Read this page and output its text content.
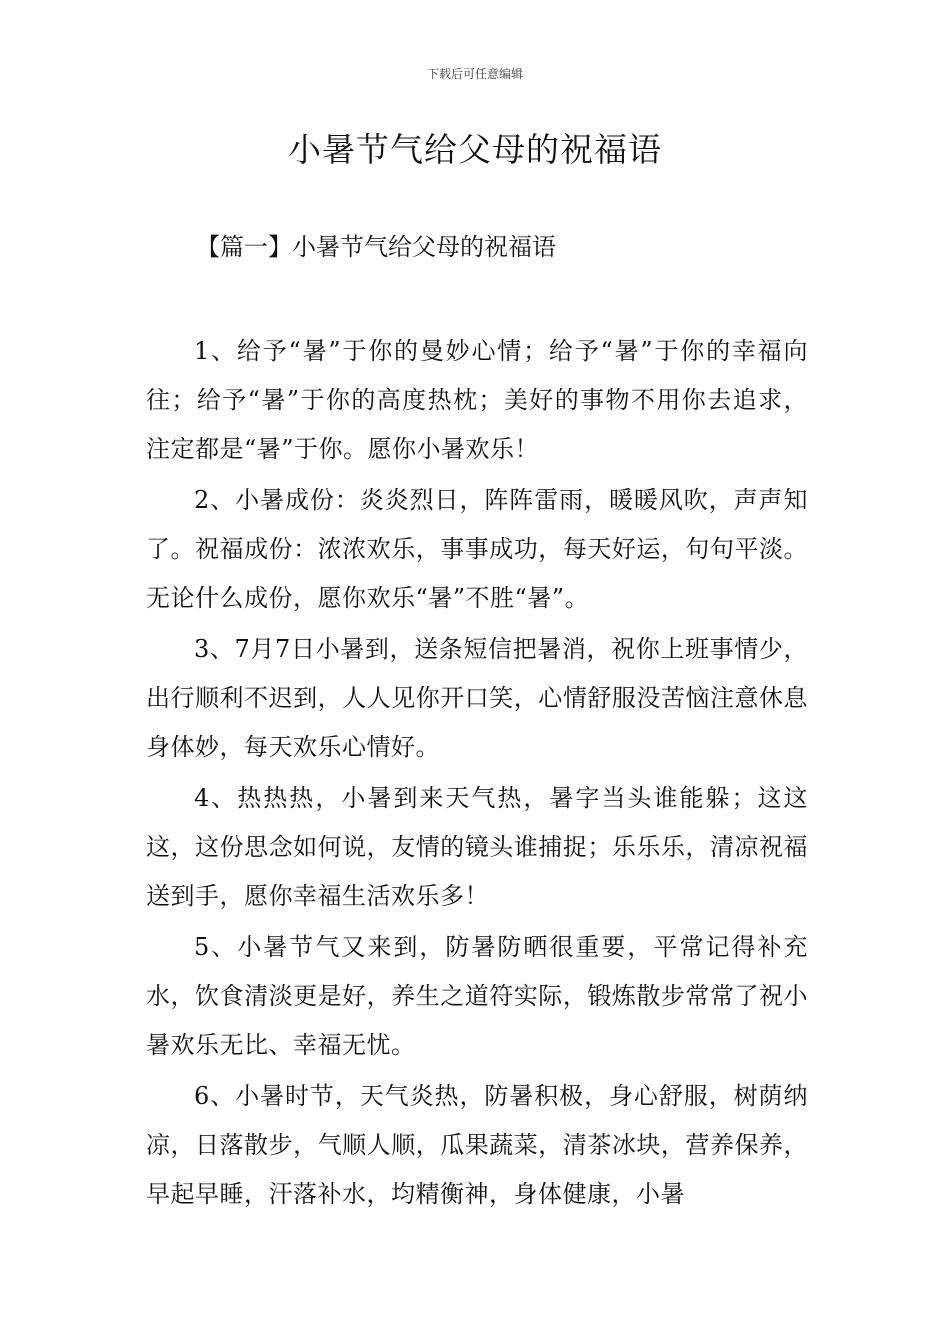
下载后可任意编辑
小暑节气给父母的祝福语
【篇一】小暑节气给父母的祝福语

1、给予“暑”于你的曼妙心情；给予“暑”于你的幸福向往；给予“暑”于你的高度热枕；美好的事物不用你去追求，注定都是“暑”于你。愿你小暑欢乐！

2、小暑成份：炎炎烈日，阵阵雷雨，暖暖风吹，声声知了。祝福成份：浓浓欢乐，事事成功，每天好运，句句平淡。无论什么成份，愿你欢乐“暑”不胜“暑”。

3、7月7日小暑到，送条短信把暑消，祝你上班事情少，出行顺利不迟到，人人见你开口笑，心情舒服没苦恼注意休息身体妙，每天欢乐心情好。

4、热热热，小暑到来天气热，暑字当头谁能躲；这这这，这份思念如何说，友情的镜头谁捕捉；乐乐乐，清凉祝福送到手，愿你幸福生活欢乐多！

5、小暑节气又来到，防暑防晒很重要，平常记得补充水，饮食清淡更是好，养生之道符实际，锻炼散步常常了祝小暑欢乐无比、幸福无忧。

6、小暑时节，天气炎热，防暑积极，身心舒服，树荫纳凉，日落散步，气顺人顺，瓜果蔬菜，清茶冰块，营养保养，早起早睡，汗落补水，均精衡神，身体健康，小暑
